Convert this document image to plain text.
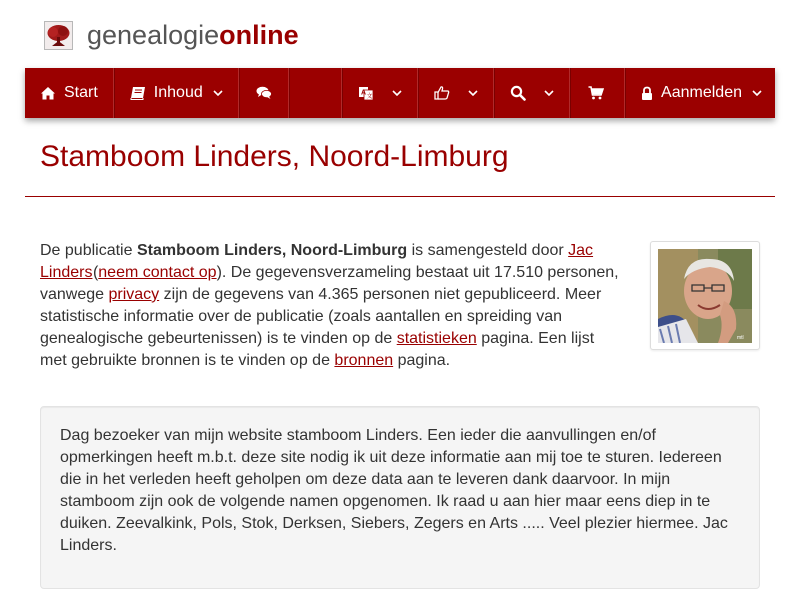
genealogieonline
Start	Inhoud	A
文	Aanmelden
Stamboom Linders, Noord-Limburg

De publicatie Stamboom Linders, Noord-Limburg is samengesteld door Jac Linders (neem contact op). De gegevensverzameling bestaat uit 17.510 personen, vanwege privacy zijn de gegevens van 4.365 personen niet gepubliceerd. Meer statistische informatie over de publicatie (zoals aantallen en spreiding van genealogische gebeurtenissen) is te vinden op de statistieken pagina. Een lijst met gebruikte bronnen is te vinden op de bronnen pagina.

mtl
Dag bezoeker van mijn website stamboom Linders. Een ieder die aanvullingen en/of opmerkingen heeft m.b.t. deze site nodig ik uit deze informatie aan mij toe te sturen. Iedereen die in het verleden heeft geholpen om deze data aan te leveren dank daarvoor. In mijn stamboom zijn ook de volgende namen opgenomen. Ik raad u aan hier maar eens diep in te duiken. Zeevalkink, Pols, Stok, Derksen, Siebers, Zegers en Arts ..... Veel plezier hiermee. Jac Linders.
